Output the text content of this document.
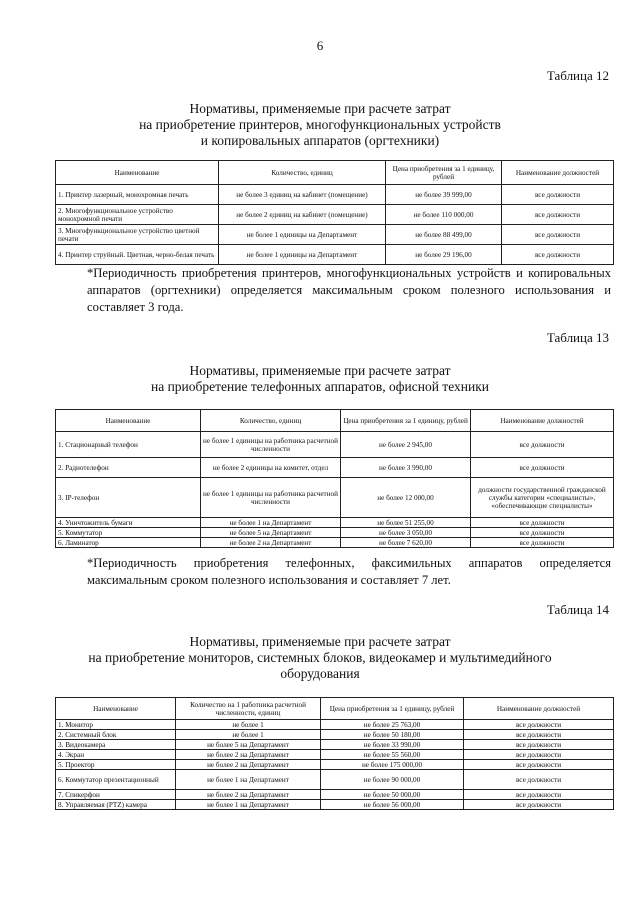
6
Таблица 12
Нормативы, применяемые при расчете затрат
на приобретение принтеров, многофункциональных устройств
и копировальных аппаратов (оргтехники)
Наименование	Количество, единиц	Цена приобретения за 1 единицу, рублей	Наименование должностей
1. Принтер лазерный, монохромная печать	не более 3 единиц на кабинет (помещение)	не более 39 999,00	все должности
2. Многофункциональное устройство монохромной печати	не более 2 единиц на кабинет (помещение)	не более 110 000,00	все должности
3. Многофункциональное устройство цветной печати	не более 1 единицы на Департамент	не более 88 499,00	все должности
4. Принтер струйный. Цветная, черно-белая печать	не более 1 единицы на Департамент	не более 29 196,00	все должности
*Периодичность приобретения принтеров, многофункциональных устройств и копировальных аппаратов (оргтехники) определяется максимальным сроком полезного использования и составляет 3 года.
Таблица 13
Нормативы, применяемые при расчете затрат
на приобретение телефонных аппаратов, офисной техники
Наименование	Количество, единиц	Цена приобретения за 1 единицу, рублей	Наименование должностей
1. Стационарный телефон	не более 1 единицы на работника расчетной численности	не более 2 945,00	все должности
2. Радиотелефон	не более 2 единицы на комитет, отдел	не более 3 990,00	все должности
3. IP-телефон	не более 1 единицы на работника расчетной численности	не более 12 000,00	должности государственной гражданской службы категории «специалисты», «обеспечивающие специалисты»
4. Уничтожитель бумаги	не более 1 на Департамент	не более 51 255,00	все должности
5. Коммутатор	не более 5 на Департамент	не более 3 050,00	все должности
6. Ламинатор	не более 2 на Департамент	не более 7 620,00	все должности
*Периодичность приобретения телефонных, факсимильных аппаратов определяется максимальным сроком полезного использования и составляет 7 лет.
Таблица 14
Нормативы, применяемые при расчете затрат
на приобретение мониторов, системных блоков, видеокамер и мультимедийного
оборудования
Наименование	Количество на 1 работника расчетной численности, единиц	Цена приобретения за 1 единицу, рублей	Наименование должностей
1. Монитор	не более 1	не более 25 763,00	все должности
2. Системный блок	не более 1	не более 50 180,00	все должности
3. Видеокамера	не более 5 на Департамент	не более 33 990,00	все должности
4. Экран	не более 2 на Департамент	не более 55 560,00	все должности
5. Проектор	не более 2 на Департамент	не более 175 000,00	все должности
6. Коммутатор презентационный	не более 1 на Департамент	не более 90 000,00	все должности
7. Спикерфон	не более 2 на Департамент	не более 50 000,00	все должности
8. Управляемая (PTZ) камера	не более 1 на Департамент	не более 56 000,00	все должности
